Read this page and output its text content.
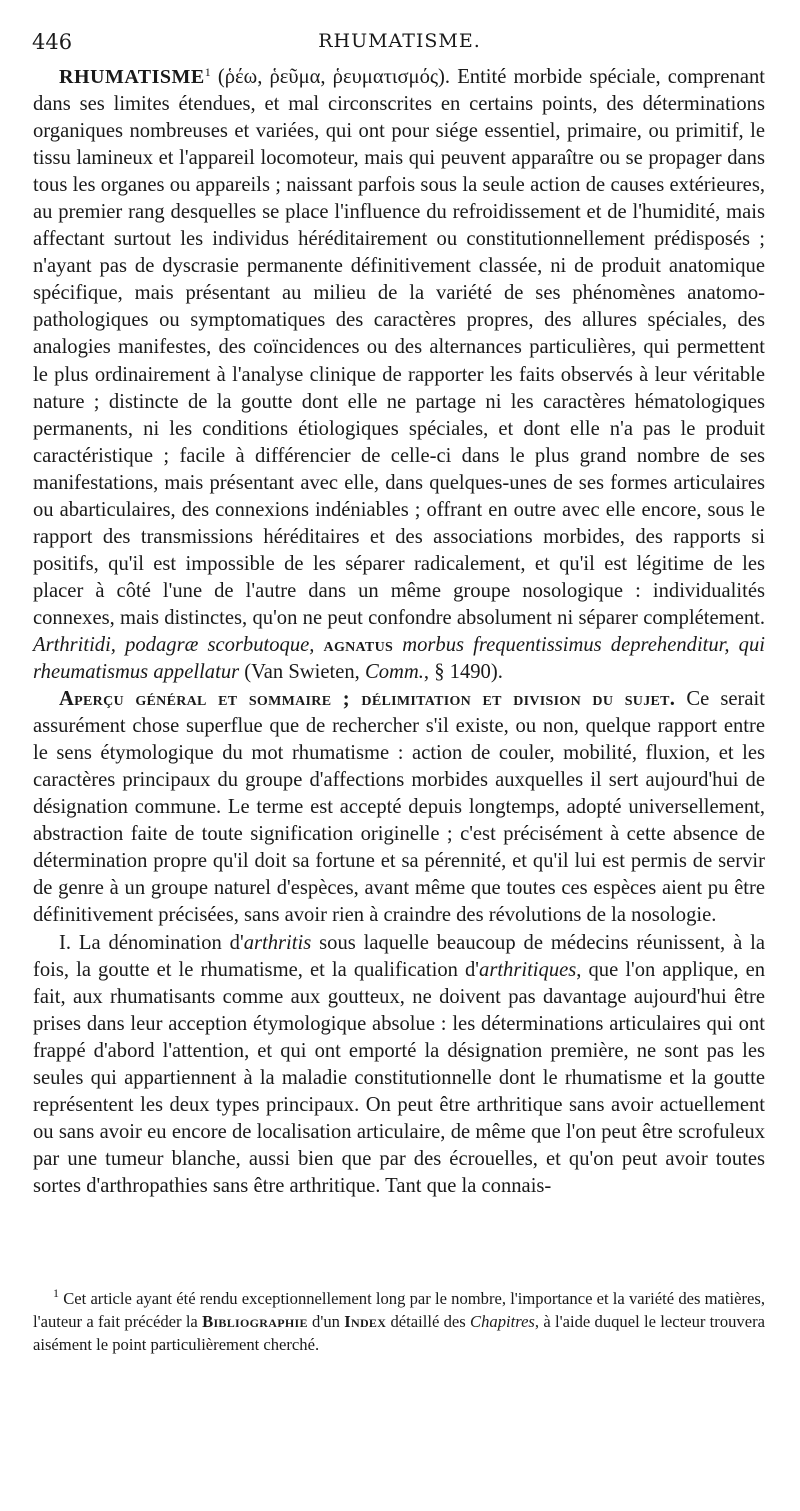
446	RHUMATISME.

RHUMATISME$^1$ (ῥέω, ῥεῦμα, ῥευματισμός). Entité morbide spéciale, comprenant dans ses limites étendues, et mal circonscrites en certains points, des déterminations organiques nombreuses et variées, qui ont pour siége essentiel, primaire, ou primitif, le tissu lamineux et l'appareil locomoteur, mais qui peuvent apparaître ou se propager dans tous les organes ou appareils ; naissant parfois sous la seule action de causes extérieures, au premier rang desquelles se place l'influence du refroidissement et de l'humidité, mais affectant surtout les individus héréditairement ou constitutionnellement prédisposés ; n'ayant pas de dyscrasie permanente définitivement classée, ni de produit anatomique spécifique, mais présentant au milieu de la variété de ses phénomènes anatomo-pathologiques ou symptomatiques des caractères propres, des allures spéciales, des analogies manifestes, des coïncidences ou des alternances particulières, qui permettent le plus ordinairement à l'analyse clinique de rapporter les faits observés à leur véritable nature ; distincte de la goutte dont elle ne partage ni les caractères hématologiques permanents, ni les conditions étiologiques spéciales, et dont elle n'a pas le produit caractéristique ; facile à différencier de celle-ci dans le plus grand nombre de ses manifestations, mais présentant avec elle, dans quelques-unes de ses formes articulaires ou abarticulaires, des connexions indéniables ; offrant en outre avec elle encore, sous le rapport des transmissions héréditaires et des associations morbides, des rapports si positifs, qu'il est impossible de les séparer radicalement, et qu'il est légitime de les placer à côté l'une de l'autre dans un même groupe nosologique : individualités connexes, mais distinctes, qu'on ne peut confondre absolument ni séparer complétement. Arthritidi, podagræ scorbutoque, agnatus morbus frequentissimus deprehenditur, qui rheumatismus appellatur (Van Swieten, Comm., § 1490).

Aperçu général et sommaire ; délimitation et division du sujet. Ce serait assurément chose superflue que de rechercher s'il existe, ou non, quelque rapport entre le sens étymologique du mot rhumatisme : action de couler, mobilité, fluxion, et les caractères principaux du groupe d'affections morbides auxquelles il sert aujourd'hui de désignation commune. Le terme est accepté depuis longtemps, adopté universellement, abstraction faite de toute signification originelle ; c'est précisément à cette absence de détermination propre qu'il doit sa fortune et sa pérennité, et qu'il lui est permis de servir de genre à un groupe naturel d'espèces, avant même que toutes ces espèces aient pu être définitivement précisées, sans avoir rien à craindre des révolutions de la nosologie.

I. La dénomination d'arthritis sous laquelle beaucoup de médecins réunissent, à la fois, la goutte et le rhumatisme, et la qualification d'arthritiques, que l'on applique, en fait, aux rhumatisants comme aux goutteux, ne doivent pas davantage aujourd'hui être prises dans leur acception étymologique absolue : les déterminations articulaires qui ont frappé d'abord l'attention, et qui ont emporté la désignation première, ne sont pas les seules qui appartiennent à la maladie constitutionnelle dont le rhumatisme et la goutte représentent les deux types principaux. On peut être arthritique sans avoir actuellement ou sans avoir eu encore de localisation articulaire, de même que l'on peut être scrofuleux par une tumeur blanche, aussi bien que par des écrouelles, et qu'on peut avoir toutes sortes d'arthropathies sans être arthritique. Tant que la connais-

$^1$ Cet article ayant été rendu exceptionnellement long par le nombre, l'importance et la variété des matières, l'auteur a fait précéder la Bibliographie d'un Index détaillé des Chapitres, à l'aide duquel le lecteur trouvera aisément le point particulièrement cherché.
